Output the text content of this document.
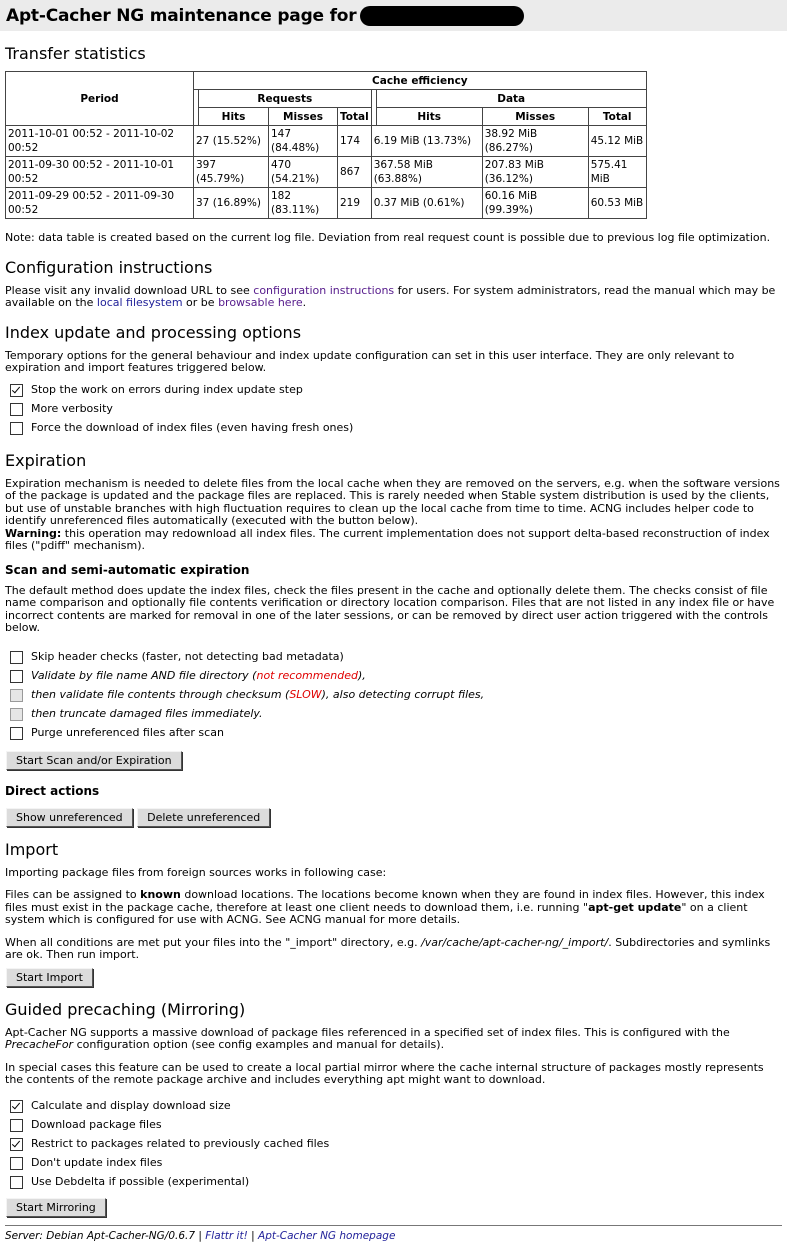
Apt-Cacher NG maintenance page for
Transfer statistics
Period	Cache efficiency							
		Requests				Data		
		Hits	Misses	Total		Hits	Misses	Total
2011-10-01 00:52 - 2011-10-02 00:52	27 (15.52%)		147 (84.48%)	174	6.19 MiB (13.73%)		38.92 MiB (86.27%)	45.12 MiB
2011-09-30 00:52 - 2011-10-01 00:52	397 (45.79%)		470 (54.21%)	867	367.58 MiB (63.88%)		207.83 MiB (36.12%)	575.41 MiB
2011-09-29 00:52 - 2011-09-30 00:52	37 (16.89%)		182 (83.11%)	219	0.37 MiB (0.61%)		60.16 MiB (99.39%)	60.53 MiB

Note: data table is created based on the current log file. Deviation from real request count is possible due to previous log file optimization.

Configuration instructions

Please visit any invalid download URL to see configuration instructions for users. For system administrators, read the manual which may be available on the local filesystem or be browsable here.

Index update and processing options

Temporary options for the general behaviour and index update configuration can set in this user interface. They are only relevant to expiration and import features triggered below.

Stop the work on errors during index update step
More verbosity
Force the download of index files (even having fresh ones)
Expiration

Expiration mechanism is needed to delete files from the local cache when they are removed on the servers, e.g. when the software versions of the package is updated and the package files are replaced. This is rarely needed when Stable system distribution is used by the clients, but use of unstable branches with high fluctuation requires to clean up the local cache from time to time. ACNG includes helper code to identify unreferenced files automatically (executed with the button below).

Warning: this operation may redownload all index files. The current implementation does not support delta-based reconstruction of index files ("pdiff" mechanism).

Scan and semi-automatic expiration

The default method does update the index files, check the files present in the cache and optionally delete them. The checks consist of file name comparison and optionally file contents verification or directory location comparison. Files that are not listed in any index file or have incorrect contents are marked for removal in one of the later sessions, or can be removed by direct user action triggered with the controls below.

Skip header checks (faster, not detecting bad metadata)
Validate by file name AND file directory (not recommended),
then validate file contents through checksum (SLOW), also detecting corrupt files,
then truncate damaged files immediately.
Purge unreferenced files after scan
Start Scan and/or Expiration
Direct actions
Show unreferenced Delete unreferenced
Import

Importing package files from foreign sources works in following case:

Files can be assigned to known download locations. The locations become known when they are found in index files. However, this index files must exist in the package cache, therefore at least one client needs to download them, i.e. running "apt-get update" on a client system which is configured for use with ACNG. See ACNG manual for more details.

When all conditions are met put your files into the "_import" directory, e.g. /var/cache/apt-cacher-ng/_import/. Subdirectories and symlinks are ok. Then run import.

Start Import
Guided precaching (Mirroring)

Apt-Cacher NG supports a massive download of package files referenced in a specified set of index files. This is configured with the PrecacheFor configuration option (see config examples and manual for details).

In special cases this feature can be used to create a local partial mirror where the cache internal structure of packages mostly represents the contents of the remote package archive and includes everything apt might want to download.

Calculate and display download size
Download package files
Restrict to packages related to previously cached files
Don't update index files
Use Debdelta if possible (experimental)
Start Mirroring
Server: Debian Apt-Cacher-NG/0.6.7 | Flattr it! | Apt-Cacher NG homepage
